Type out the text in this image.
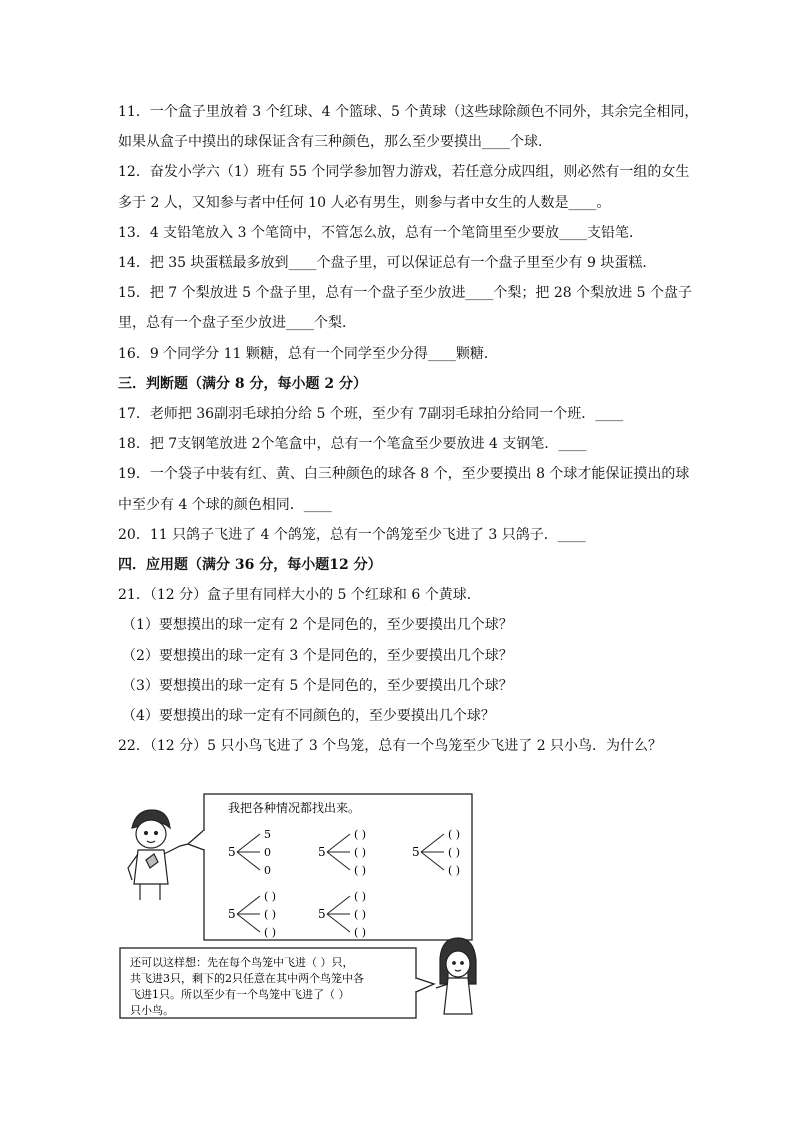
11．一个盒子里放着 3 个红球、4 个篮球、5 个黄球（这些球除颜色不同外，其余完全相同，
如果从盒子中摸出的球保证含有三种颜色，那么至少要摸出____个球．
12．奋发小学六（1）班有 55 个同学参加智力游戏，若任意分成四组，则必然有一组的女生
多于 2 人，又知参与者中任何 10 人必有男生，则参与者中女生的人数是____。
13．4 支铅笔放入 3 个笔筒中，不管怎么放，总有一个笔筒里至少要放____支铅笔．
14．把 35 块蛋糕最多放到____个盘子里，可以保证总有一个盘子里至少有 9 块蛋糕．
15．把 7 个梨放进 5 个盘子里，总有一个盘子至少放进____个梨；把 28 个梨放进 5 个盘子
里，总有一个盘子至少放进____个梨．
16．9 个同学分 11 颗糖，总有一个同学至少分得____颗糖．
三．判断题（满分 8 分，每小题 2 分）
17．老师把 36副羽毛球拍分给 5 个班，至少有 7副羽毛球拍分给同一个班．____
18．把 7支钢笔放进 2个笔盒中，总有一个笔盒至少要放进 4 支钢笔．____
19．一个袋子中装有红、黄、白三种颜色的球各 8 个，至少要摸出 8 个球才能保证摸出的球
中至少有 4 个球的颜色相同．____
20．11 只鸽子飞进了 4 个鸽笼，总有一个鸽笼至少飞进了 3 只鸽子．____
四．应用题（满分 36 分，每小题12 分）
21．（12 分）盒子里有同样大小的 5 个红球和 6 个黄球．
（1）要想摸出的球一定有 2 个是同色的，至少要摸出几个球？
（2）要想摸出的球一定有 3 个是同色的，至少要摸出几个球？
（3）要想摸出的球一定有 5 个是同色的，至少要摸出几个球？
（4）要想摸出的球一定有不同颜色的，至少要摸出几个球？
22．（12 分）5 只小鸟飞进了 3 个鸟笼，总有一个鸟笼至少飞进了 2 只小鸟．为什么？
我把各种情况都找出来。
5
5
0
0
5
( )
( )
( )
5
( )
( )
( )
5
( )
( )
( )
5
( )
( )
( )
还可以这样想：先在每个鸟笼中飞进（ ）只，
共飞进3只，剩下的2只任意在其中两个鸟笼中各
飞进1只。所以至少有一个鸟笼中飞进了（ ）
只小鸟。
